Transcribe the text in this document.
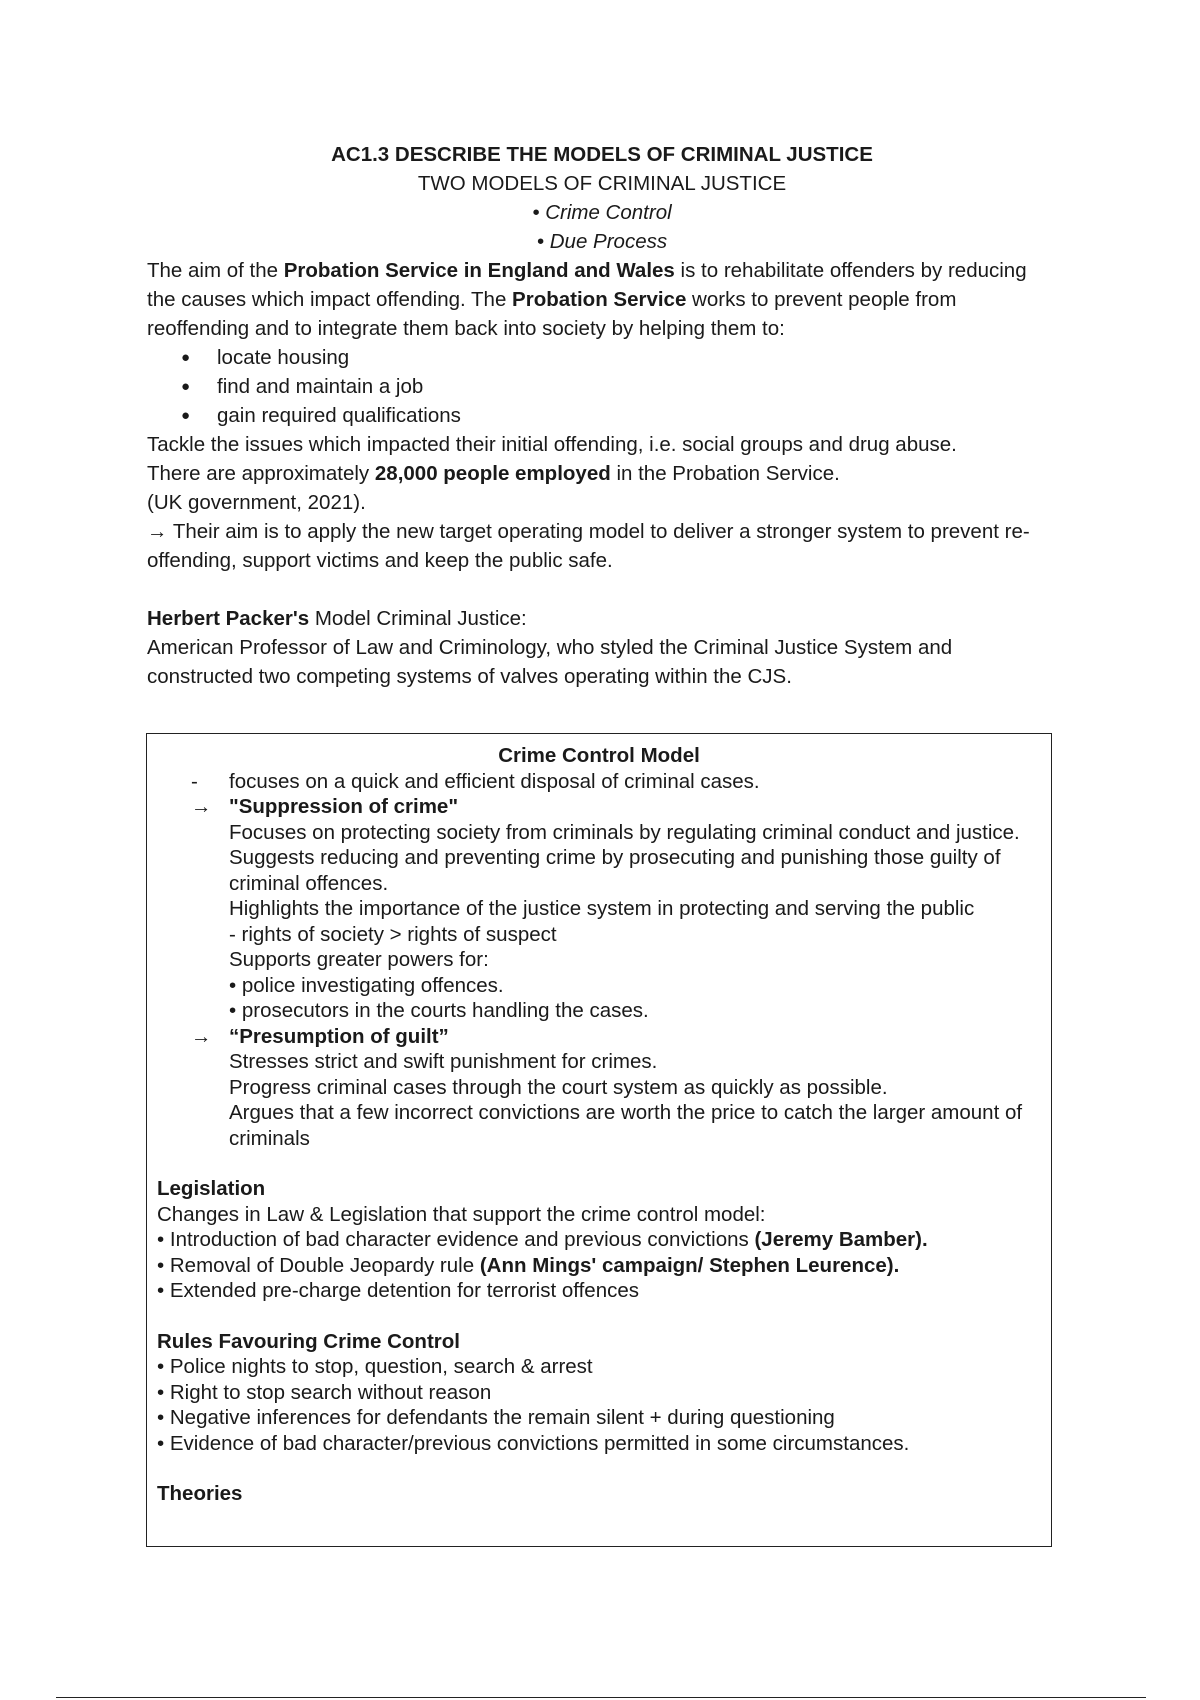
AC1.3 DESCRIBE THE MODELS OF CRIMINAL JUSTICE

TWO MODELS OF CRIMINAL JUSTICE

• Crime Control

• Due Process

The aim of the Probation Service in England and Wales is to rehabilitate offenders by reducing the causes which impact offending. The Probation Service works to prevent people from reoffending and to integrate them back into society by helping them to:

● locate housing
● find and maintain a job
● gain required qualifications

Tackle the issues which impacted their initial offending, i.e. social groups and drug abuse.

There are approximately 28,000 people employed in the Probation Service.

(UK government, 2021).

→ Their aim is to apply the new target operating model to deliver a stronger system to prevent re-offending, support victims and keep the public safe.

Herbert Packer's Model Criminal Justice:

American Professor of Law and Criminology, who styled the Criminal Justice System and constructed two competing systems of valves operating within the CJS.

Crime Control Model
-	focuses on a quick and efficient disposal of criminal cases.
→ "Suppression of crime"
Focuses on protecting society from criminals by regulating criminal conduct and justice.
Suggests reducing and preventing crime by prosecuting and punishing those guilty of criminal offences.
Highlights the importance of the justice system in protecting and serving the public
- rights of society > rights of suspect
Supports greater powers for:
• police investigating offences.
• prosecutors in the courts handling the cases.
→ “Presumption of guilt”
Stresses strict and swift punishment for crimes.
Progress criminal cases through the court system as quickly as possible.
Argues that a few incorrect convictions are worth the price to catch the larger amount of criminals
Legislation
Changes in Law & Legislation that support the crime control model:
• Introduction of bad character evidence and previous convictions (Jeremy Bamber).
• Removal of Double Jeopardy rule (Ann Mings' campaign/ Stephen Leurence).
• Extended pre-charge detention for terrorist offences
Rules Favouring Crime Control
• Police nights to stop, question, search & arrest
• Right to stop search without reason
• Negative inferences for defendants the remain silent + during questioning
• Evidence of bad character/previous convictions permitted in some circumstances.
Theories
